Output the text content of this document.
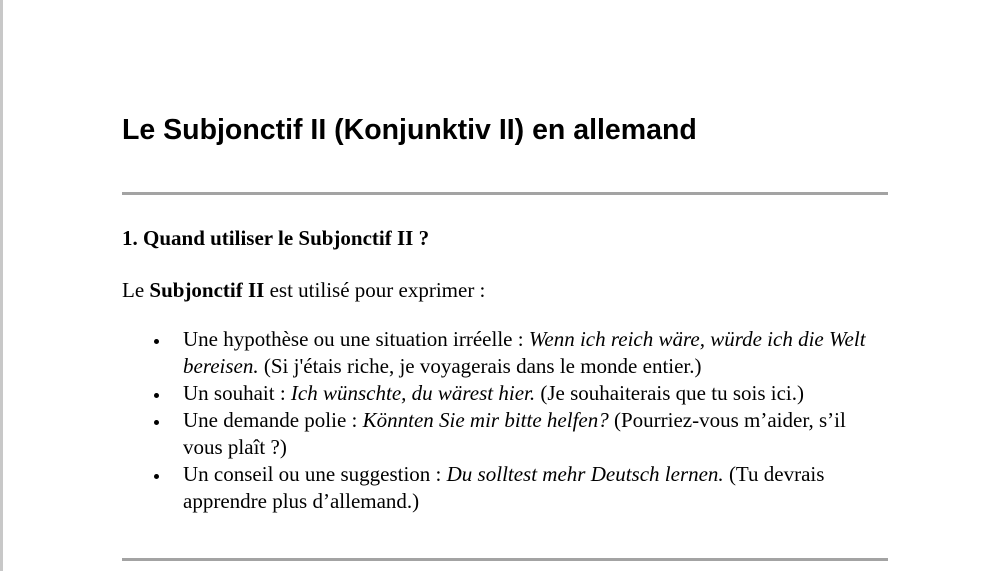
Le Subjonctif II (Konjunktiv II) en allemand
1. Quand utiliser le Subjonctif II ?

Le Subjonctif II est utilisé pour exprimer :

Une hypothèse ou une situation irréelle : Wenn ich reich wäre, würde ich die Welt bereisen. (Si j'étais riche, je voyagerais dans le monde entier.)
Un souhait : Ich wünschte, du wärest hier. (Je souhaiterais que tu sois ici.)
Une demande polie : Könnten Sie mir bitte helfen? (Pourriez-vous m’aider, s’il vous plaît ?)
Un conseil ou une suggestion : Du solltest mehr Deutsch lernen. (Tu devrais apprendre plus d’allemand.)
